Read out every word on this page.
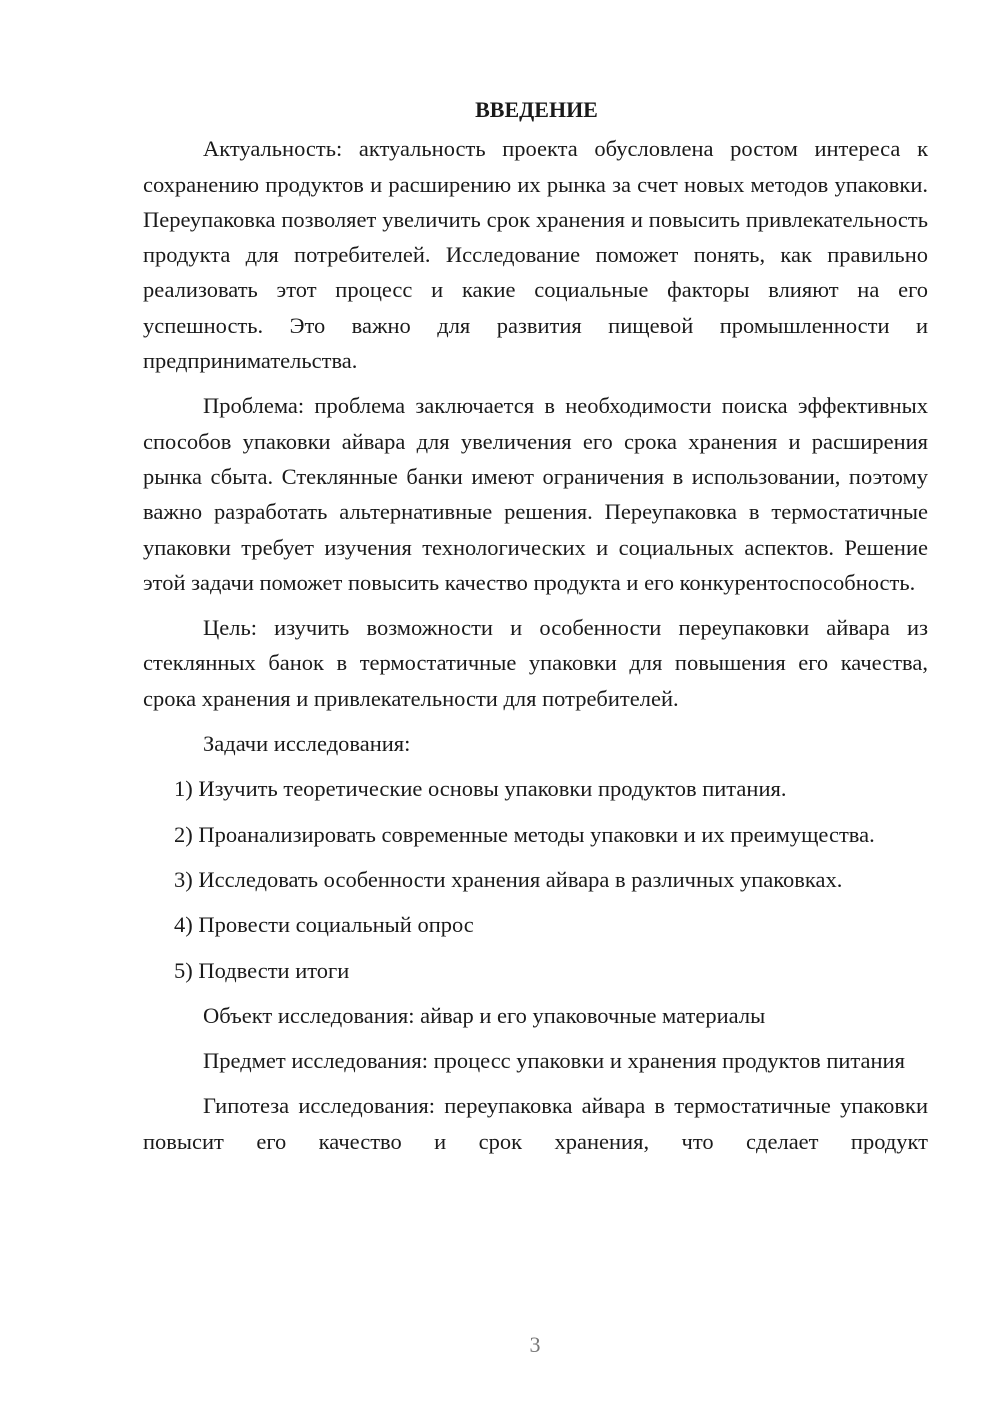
ВВЕДЕНИЕ

Актуальность: актуальность проекта обусловлена ростом интереса к сохранению продуктов и расширению их рынка за счет новых методов упаковки. Переупаковка позволяет увеличить срок хранения и повысить привлекательность продукта для потребителей. Исследование поможет понять, как правильно реализовать этот процесс и какие социальные факторы влияют на его успешность. Это важно для развития пищевой промышленности и предпринимательства.

Проблема: проблема заключается в необходимости поиска эффективных способов упаковки айвара для увеличения его срока хранения и расширения рынка сбыта. Стеклянные банки имеют ограничения в использовании, поэтому важно разработать альтернативные решения. Переупаковка в термостатичные упаковки требует изучения технологических и социальных аспектов. Решение этой задачи поможет повысить качество продукта и его конкурентоспособность.

Цель: изучить возможности и особенности переупаковки айвара из стеклянных банок в термостатичные упаковки для повышения его качества, срока хранения и привлекательности для потребителей.

Задачи исследования:

1) Изучить теоретические основы упаковки продуктов питания.

2) Проанализировать современные методы упаковки и их преимущества.

3) Исследовать особенности хранения айвара в различных упаковках.

4) Провести социальный опрос

5) Подвести итоги

Объект исследования: айвар и его упаковочные материалы

Предмет исследования: процесс упаковки и хранения продуктов питания

Гипотеза исследования: переупаковка айвара в термостатичные упаковки повысит его качество и срок хранения, что сделает продукт

3
